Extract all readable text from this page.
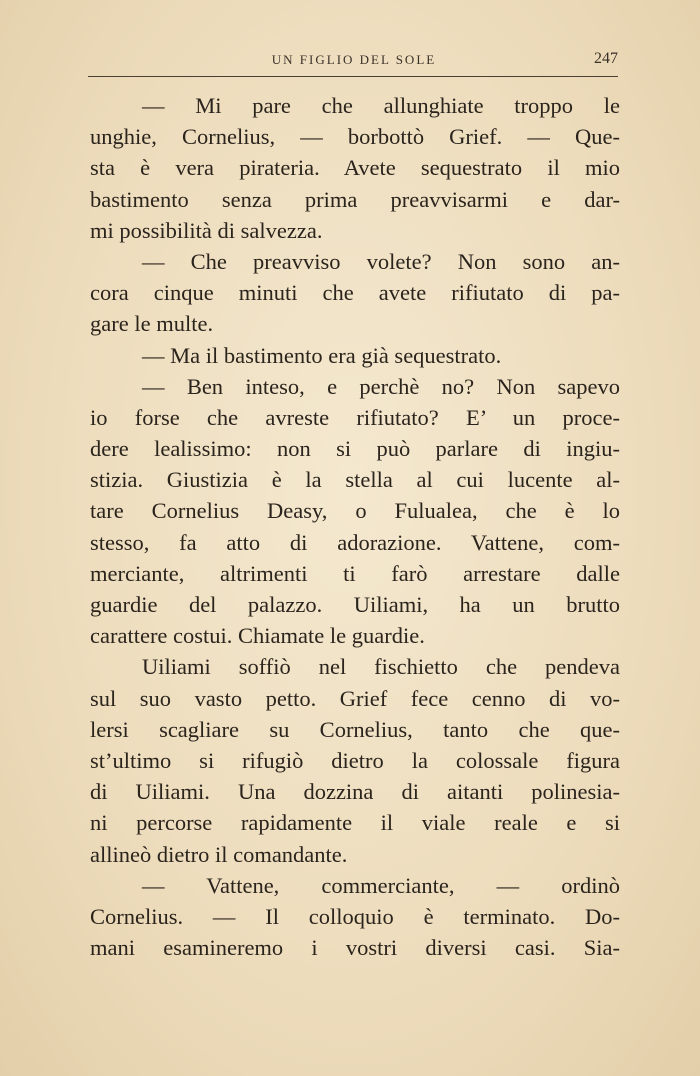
UN FIGLIO DEL SOLE	247
— Mi pare che allunghiate troppo le
unghie, Cornelius, — borbottò Grief. — Que-
sta è vera pirateria. Avete sequestrato il mio
bastimento senza prima preavvisarmi e dar-
mi possibilità di salvezza.
— Che preavviso volete? Non sono an-
cora cinque minuti che avete rifiutato di pa-
gare le multe.
— Ma il bastimento era già sequestrato.
— Ben inteso, e perchè no? Non sapevo
io forse che avreste rifiutato? E’ un proce-
dere lealissimo: non si può parlare di ingiu-
stizia. Giustizia è la stella al cui lucente al-
tare Cornelius Deasy, o Fulualea, che è lo
stesso, fa atto di adorazione. Vattene, com-
merciante, altrimenti ti farò arrestare dalle
guardie del palazzo. Uiliami, ha un brutto
carattere costui. Chiamate le guardie.
Uiliami soffiò nel fischietto che pendeva
sul suo vasto petto. Grief fece cenno di vo-
lersi scagliare su Cornelius, tanto che que-
st’ultimo si rifugiò dietro la colossale figura
di Uiliami. Una dozzina di aitanti polinesia-
ni percorse rapidamente il viale reale e si
allineò dietro il comandante.
— Vattene, commerciante, — ordinò
Cornelius. — Il colloquio è terminato. Do-
mani esamineremo i vostri diversi casi. Sia-
